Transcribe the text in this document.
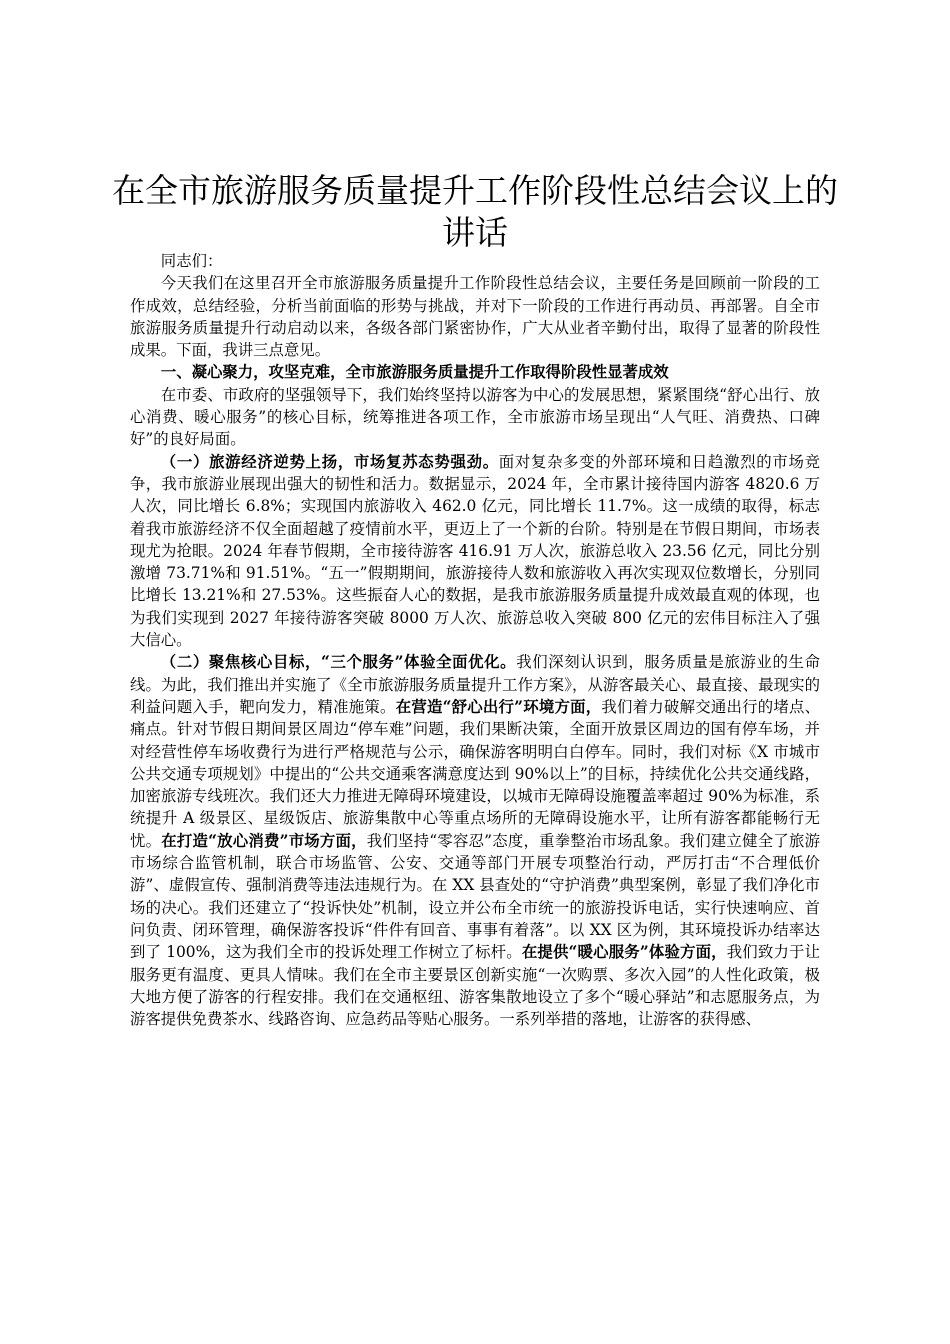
在全市旅游服务质量提升工作阶段性总结会议上的讲话

同志们：

今天我们在这里召开全市旅游服务质量提升工作阶段性总结会议，主要任务是回顾前一阶段的工作成效，总结经验，分析当前面临的形势与挑战，并对下一阶段的工作进行再动员、再部署。自全市旅游服务质量提升行动启动以来，各级各部门紧密协作，广大从业者辛勤付出，取得了显著的阶段性成果。下面，我讲三点意见。

一、凝心聚力，攻坚克难，全市旅游服务质量提升工作取得阶段性显著成效

在市委、市政府的坚强领导下，我们始终坚持以游客为中心的发展思想，紧紧围绕“舒心出行、放心消费、暖心服务”的核心目标，统筹推进各项工作，全市旅游市场呈现出“人气旺、消费热、口碑好”的良好局面。

（一）旅游经济逆势上扬，市场复苏态势强劲。面对复杂多变的外部环境和日趋激烈的市场竞争，我市旅游业展现出强大的韧性和活力。数据显示，2024 年，全市累计接待国内游客 4820.6 万人次，同比增长 6.8%；实现国内旅游收入 462.0 亿元，同比增长 11.7%。这一成绩的取得，标志着我市旅游经济不仅全面超越了疫情前水平，更迈上了一个新的台阶。特别是在节假日期间，市场表现尤为抢眼。2024 年春节假期，全市接待游客 416.91 万人次，旅游总收入 23.56 亿元，同比分别激增 73.71%和 91.51%。“五一”假期期间，旅游接待人数和旅游收入再次实现双位数增长，分别同比增长 13.21%和 27.53%。这些振奋人心的数据，是我市旅游服务质量提升成效最直观的体现，也为我们实现到 2027 年接待游客突破 8000 万人次、旅游总收入突破 800 亿元的宏伟目标注入了强大信心。

（二）聚焦核心目标，“三个服务”体验全面优化。我们深刻认识到，服务质量是旅游业的生命线。为此，我们推出并实施了《全市旅游服务质量提升工作方案》，从游客最关心、最直接、最现实的利益问题入手，靶向发力，精准施策。在营造“舒心出行”环境方面，我们着力破解交通出行的堵点、痛点。针对节假日期间景区周边“停车难”问题，我们果断决策，全面开放景区周边的国有停车场，并对经营性停车场收费行为进行严格规范与公示，确保游客明明白白停车。同时，我们对标《X 市城市公共交通专项规划》中提出的“公共交通乘客满意度达到 90%以上”的目标，持续优化公共交通线路，加密旅游专线班次。我们还大力推进无障碍环境建设，以城市无障碍设施覆盖率超过 90%为标准，系统提升 A 级景区、星级饭店、旅游集散中心等重点场所的无障碍设施水平，让所有游客都能畅行无忧。在打造“放心消费”市场方面，我们坚持“零容忍”态度，重拳整治市场乱象。我们建立健全了旅游市场综合监管机制，联合市场监管、公安、交通等部门开展专项整治行动，严厉打击“不合理低价游”、虚假宣传、强制消费等违法违规行为。在 XX 县查处的“守护消费”典型案例，彰显了我们净化市场的决心。我们还建立了“投诉快处”机制，设立并公布全市统一的旅游投诉电话，实行快速响应、首问负责、闭环管理，确保游客投诉“件件有回音、事事有着落”。以 XX 区为例，其环境投诉办结率达到了 100%，这为我们全市的投诉处理工作树立了标杆。在提供“暖心服务”体验方面，我们致力于让服务更有温度、更具人情味。我们在全市主要景区创新实施“一次购票、多次入园”的人性化政策，极大地方便了游客的行程安排。我们在交通枢纽、游客集散地设立了多个“暖心驿站”和志愿服务点，为游客提供免费茶水、线路咨询、应急药品等贴心服务。一系列举措的落地，让游客的获得感、
